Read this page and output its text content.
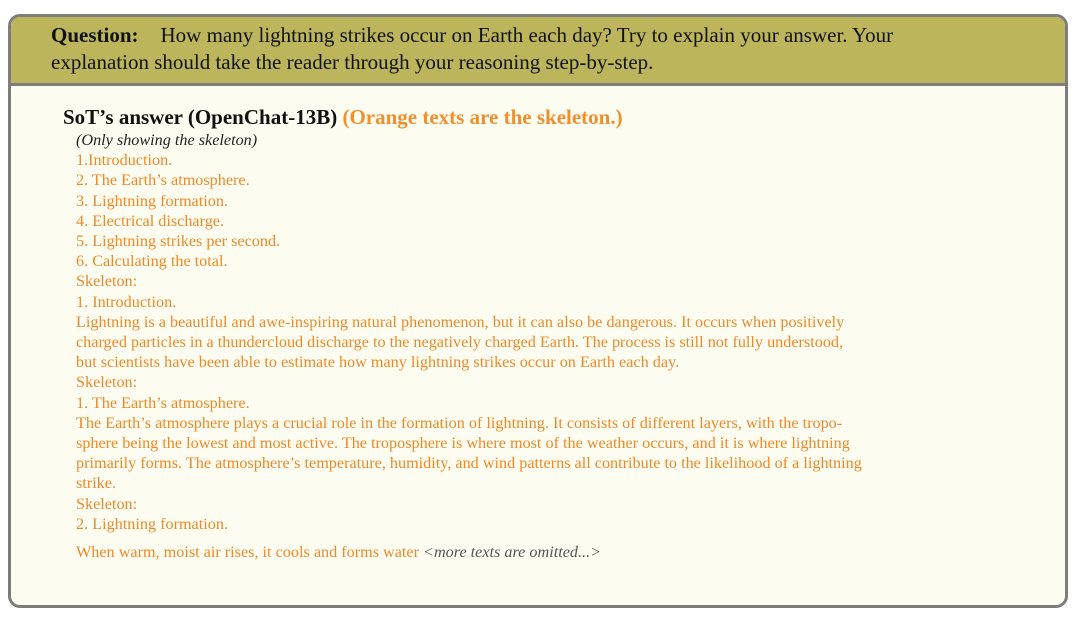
Question: How many lightning strikes occur on Earth each day? Try to explain your answer. Your
explanation should take the reader through your reasoning step-by-step.

SoT’s answer (OpenChat-13B) (Orange texts are the skeleton.)

(Only showing the skeleton)
1.Introduction.
2. The Earth’s atmosphere.
3. Lightning formation.
4. Electrical discharge.
5. Lightning strikes per second.
6. Calculating the total.
Skeleton:
1. Introduction.
Lightning is a beautiful and awe-inspiring natural phenomenon, but it can also be dangerous. It occurs when positively
charged particles in a thundercloud discharge to the negatively charged Earth. The process is still not fully understood,
but scientists have been able to estimate how many lightning strikes occur on Earth each day.
Skeleton:
1. The Earth’s atmosphere.
The Earth’s atmosphere plays a crucial role in the formation of lightning. It consists of different layers, with the tropo-
sphere being the lowest and most active. The troposphere is where most of the weather occurs, and it is where lightning
primarily forms. The atmosphere’s temperature, humidity, and wind patterns all contribute to the likelihood of a lightning
strike.
Skeleton:
2. Lightning formation.
When warm, moist air rises, it cools and forms water <more texts are omitted...>
